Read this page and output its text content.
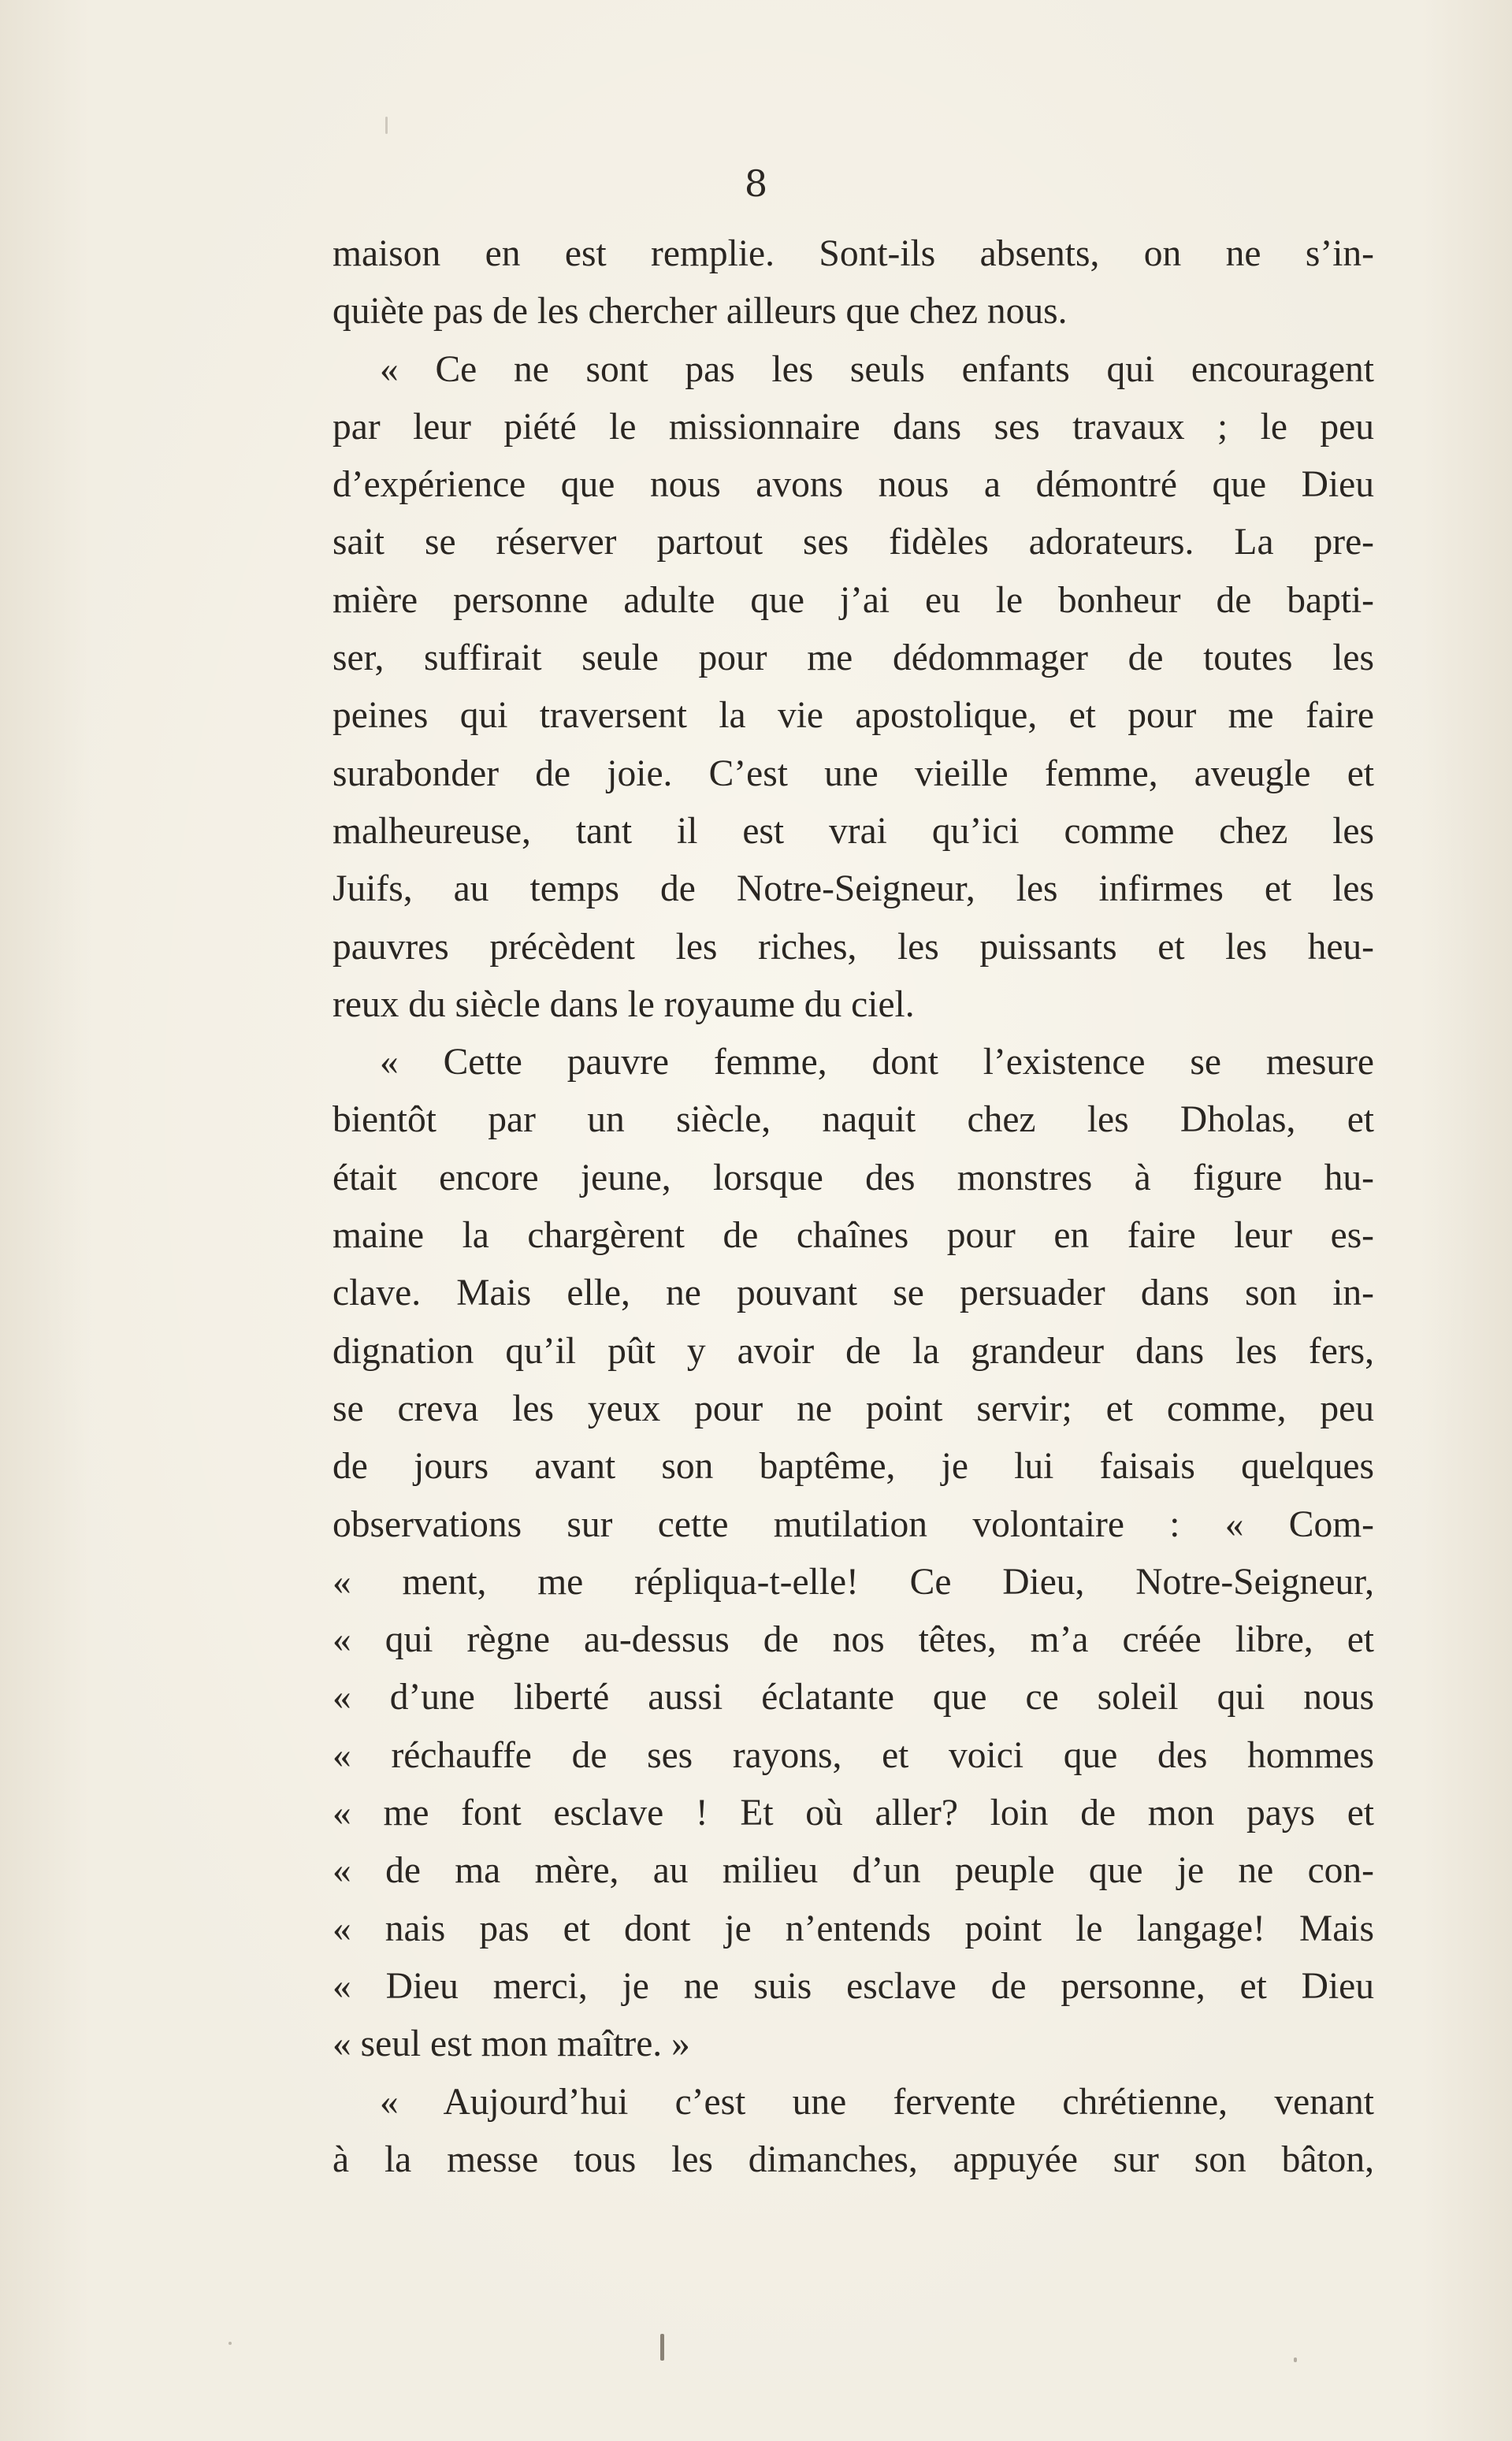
8
maison en est remplie. Sont-ils absents, on ne s’in-
quiète pas de les chercher ailleurs que chez nous.
« Ce ne sont pas les seuls enfants qui encouragent
par leur piété le missionnaire dans ses travaux ; le peu
d’expérience que nous avons nous a démontré que Dieu
sait se réserver partout ses fidèles adorateurs. La pre-
mière personne adulte que j’ai eu le bonheur de bapti-
ser, suffirait seule pour me dédommager de toutes les
peines qui traversent la vie apostolique, et pour me faire
surabonder de joie. C’est une vieille femme, aveugle et
malheureuse, tant il est vrai qu’ici comme chez les
Juifs, au temps de Notre-Seigneur, les infirmes et les
pauvres précèdent les riches, les puissants et les heu-
reux du siècle dans le royaume du ciel.
« Cette pauvre femme, dont l’existence se mesure
bientôt par un siècle, naquit chez les Dholas, et
était encore jeune, lorsque des monstres à figure hu-
maine la chargèrent de chaînes pour en faire leur es-
clave. Mais elle, ne pouvant se persuader dans son in-
dignation qu’il pût y avoir de la grandeur dans les fers,
se creva les yeux pour ne point servir; et comme, peu
de jours avant son baptême, je lui faisais quelques
observations sur cette mutilation volontaire : « Com-
« ment, me répliqua-t-elle! Ce Dieu, Notre-Seigneur,
« qui règne au-dessus de nos têtes, m’a créée libre, et
« d’une liberté aussi éclatante que ce soleil qui nous
« réchauffe de ses rayons, et voici que des hommes
« me font esclave ! Et où aller? loin de mon pays et
« de ma mère, au milieu d’un peuple que je ne con-
« nais pas et dont je n’entends point le langage! Mais
« Dieu merci, je ne suis esclave de personne, et Dieu
« seul est mon maître. »
« Aujourd’hui c’est une fervente chrétienne, venant
à la messe tous les dimanches, appuyée sur son bâton,
